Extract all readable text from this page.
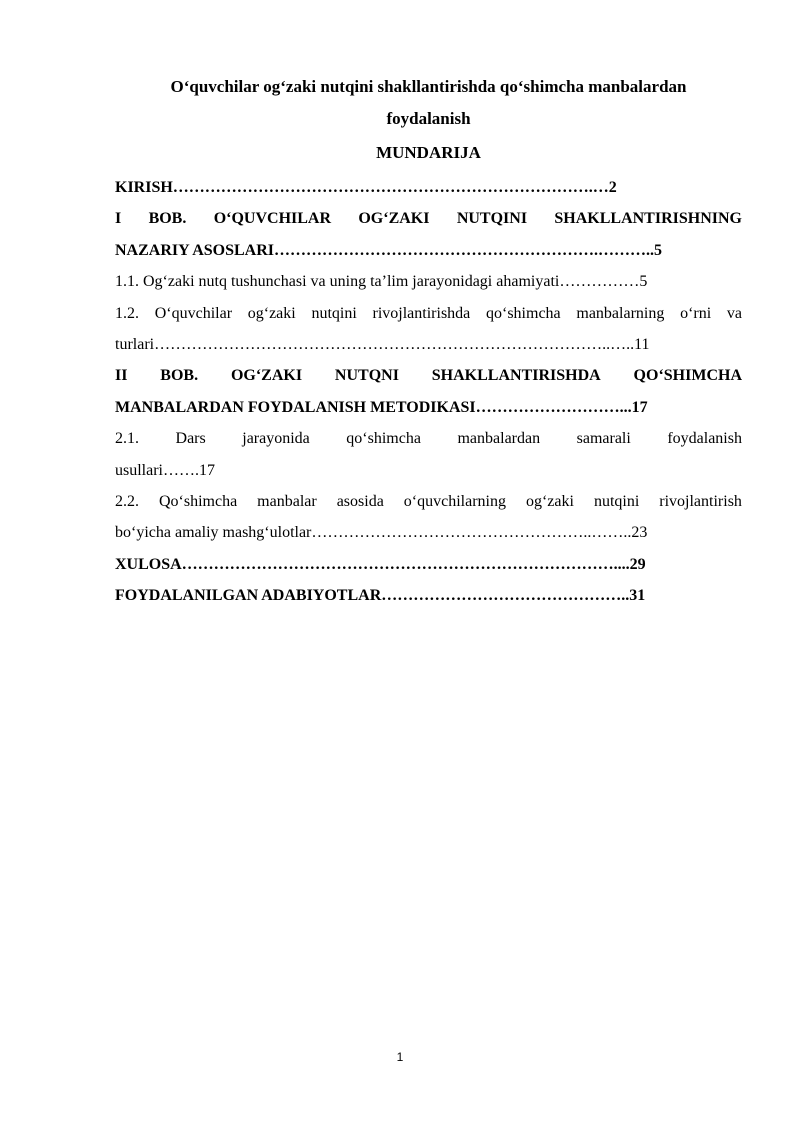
O‘quvchilar og‘zaki nutqini shakllantirishda qo‘shimcha manbalardan
foydalanish
MUNDARIJA
KIRISH…………………………………………………………………….…2
I BOB. O‘QUVCHILAR OG‘ZAKI NUTQINI SHAKLLANTIRISHNING
NAZARIY ASOSLARI…………………………………………………….………..5
1.1. Og‘zaki nutq tushunchasi va uning ta’lim jarayonidagi ahamiyati……………5
1.2. O‘quvchilar og‘zaki nutqini rivojlantirishda qo‘shimcha manbalarning o‘rni va
turlari…………………………………………………………………………..…..11
II BOB. OG‘ZAKI NUTQNI SHAKLLANTIRISHDA QO‘SHIMCHA
MANBALARDAN FOYDALANISH METODIKASI………………………...17
2.1. Dars jarayonida qo‘shimcha manbalardan samarali foydalanish
usullari…….17
2.2. Qo‘shimcha manbalar asosida o‘quvchilarning og‘zaki nutqini rivojlantirish
bo‘yicha amaliy mashg‘ulotlar……………………………………………..……..23
XULOSA………………………………………………………………………....29
FOYDALANILGAN ADABIYOTLAR………………………………………..31
1
